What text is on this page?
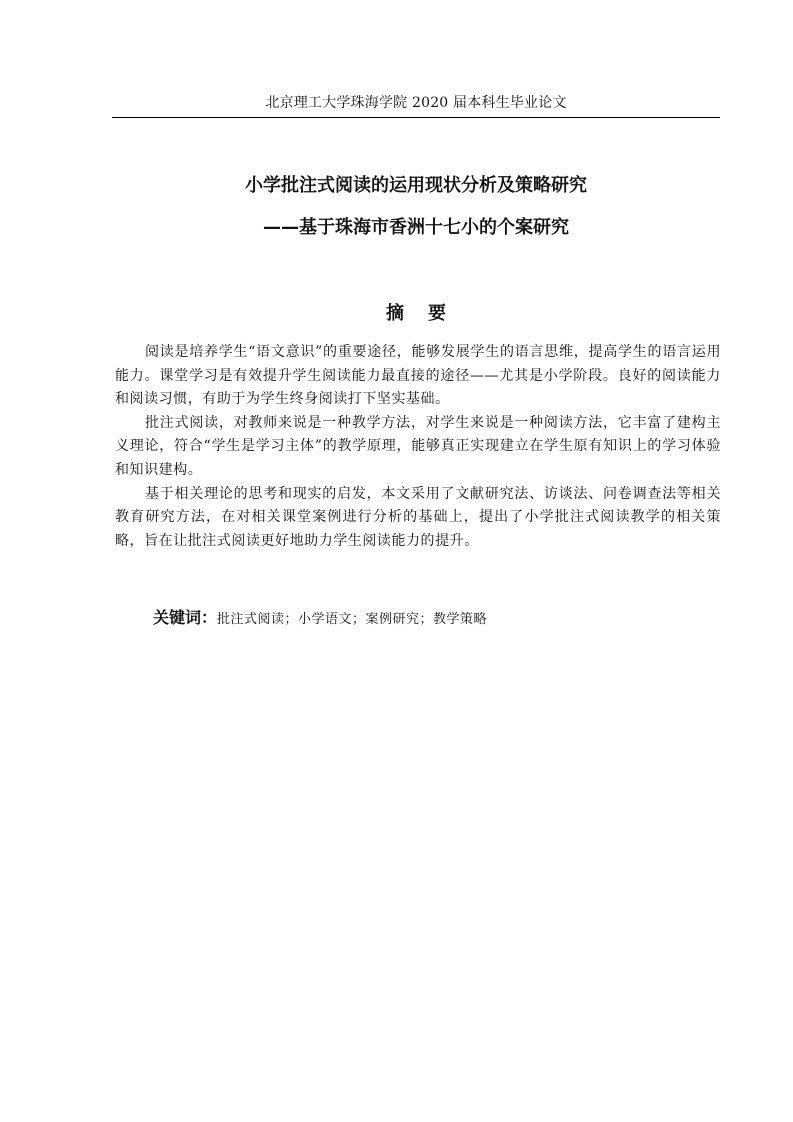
北京理工大学珠海学院 2020 届本科生毕业论文
小学批注式阅读的运用现状分析及策略研究
——基于珠海市香洲十七小的个案研究
摘要

阅读是培养学生“语文意识”的重要途径，能够发展学生的语言思维，提高学生的语言运用能力。课堂学习是有效提升学生阅读能力最直接的途径——尤其是小学阶段。良好的阅读能力和阅读习惯，有助于为学生终身阅读打下坚实基础。

批注式阅读，对教师来说是一种教学方法，对学生来说是一种阅读方法，它丰富了建构主义理论，符合“学生是学习主体”的教学原理，能够真正实现建立在学生原有知识上的学习体验和知识建构。

基于相关理论的思考和现实的启发，本文采用了文献研究法、访谈法、问卷调查法等相关教育研究方法，在对相关课堂案例进行分析的基础上，提出了小学批注式阅读教学的相关策略，旨在让批注式阅读更好地助力学生阅读能力的提升。

关键词：批注式阅读；小学语文；案例研究；教学策略
